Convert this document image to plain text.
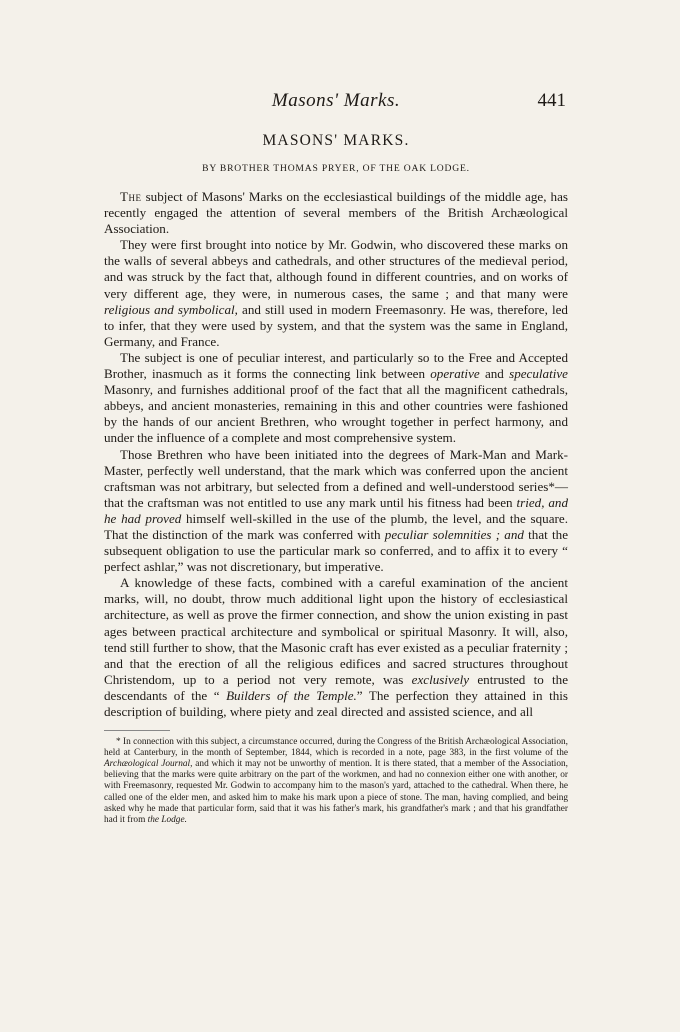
Masons' Marks.	441
MASONS' MARKS.
BY BROTHER THOMAS PRYER, OF THE OAK LODGE.

The subject of Masons' Marks on the ecclesiastical buildings of the middle age, has recently engaged the attention of several members of the British Archæological Association.

They were first brought into notice by Mr. Godwin, who discovered these marks on the walls of several abbeys and cathedrals, and other structures of the medieval period, and was struck by the fact that, although found in different countries, and on works of very different age, they were, in numerous cases, the same ; and that many were religious and symbolical, and still used in modern Freemasonry. He was, therefore, led to infer, that they were used by system, and that the system was the same in England, Germany, and France.

The subject is one of peculiar interest, and particularly so to the Free and Accepted Brother, inasmuch as it forms the connecting link between operative and speculative Masonry, and furnishes additional proof of the fact that all the magnificent cathedrals, abbeys, and ancient monasteries, remaining in this and other countries were fashioned by the hands of our ancient Brethren, who wrought together in perfect harmony, and under the influence of a complete and most comprehensive system.

Those Brethren who have been initiated into the degrees of Mark-Man and Mark-Master, perfectly well understand, that the mark which was conferred upon the ancient craftsman was not arbitrary, but selected from a defined and well-understood series*—that the craftsman was not entitled to use any mark until his fitness had been tried, and he had proved himself well-skilled in the use of the plumb, the level, and the square. That the distinction of the mark was conferred with peculiar solemnities ; and that the subsequent obligation to use the particular mark so conferred, and to affix it to every “ perfect ashlar,” was not discretionary, but imperative.

A knowledge of these facts, combined with a careful examination of the ancient marks, will, no doubt, throw much additional light upon the history of ecclesiastical architecture, as well as prove the firmer connection, and show the union existing in past ages between practical architecture and symbolical or spiritual Masonry. It will, also, tend still further to show, that the Masonic craft has ever existed as a peculiar fraternity ; and that the erection of all the religious edifices and sacred structures throughout Christendom, up to a period not very remote, was exclusively entrusted to the descendants of the “ Builders of the Temple.” The perfection they attained in this description of building, where piety and zeal directed and assisted science, and all

* In connection with this subject, a circumstance occurred, during the Congress of the British Archæological Association, held at Canterbury, in the month of September, 1844, which is recorded in a note, page 383, in the first volume of the Archæological Journal, and which it may not be unworthy of mention. It is there stated, that a member of the Association, believing that the marks were quite arbitrary on the part of the workmen, and had no connexion either one with another, or with Freemasonry, requested Mr. Godwin to accompany him to the mason's yard, attached to the cathedral. When there, he called one of the elder men, and asked him to make his mark upon a piece of stone. The man, having complied, and being asked why he made that particular form, said that it was his father's mark, his grandfather's mark ; and that his grandfather had it from the Lodge.
